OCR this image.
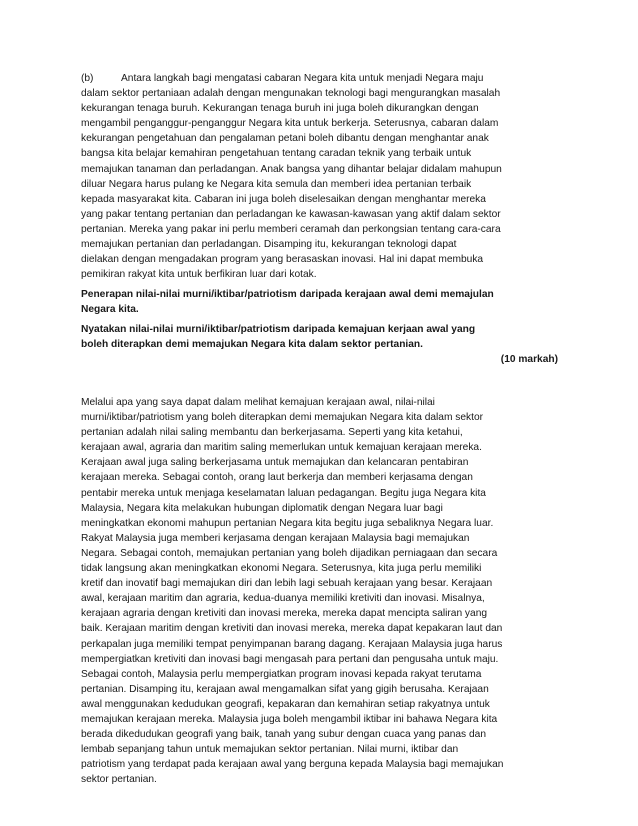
(b)	Antara langkah bagi mengatasi cabaran Negara kita untuk menjadi Negara maju
dalam sektor pertaniaan adalah dengan mengunakan teknologi bagi mengurangkan masalah
kekurangan tenaga buruh. Kekurangan tenaga buruh ini juga boleh dikurangkan dengan
mengambil penganggur-penganggur Negara kita untuk berkerja. Seterusnya, cabaran dalam
kekurangan pengetahuan dan pengalaman petani boleh dibantu dengan menghantar anak
bangsa kita belajar kemahiran pengetahuan tentang caradan teknik yang terbaik untuk
memajukan tanaman dan perladangan. Anak bangsa yang dihantar belajar didalam mahupun
diluar Negara harus pulang ke Negara kita semula dan memberi idea pertanian terbaik
kepada masyarakat kita. Cabaran ini juga boleh diselesaikan dengan menghantar mereka
yang pakar tentang pertanian dan perladangan ke kawasan-kawasan yang aktif dalam sektor
pertanian. Mereka yang pakar ini perlu memberi ceramah dan perkongsian tentang cara-cara
memajukan pertanian dan perladangan. Disamping itu, kekurangan teknologi dapat
dielakan dengan mengadakan program yang berasaskan inovasi. Hal ini dapat membuka
pemikiran rakyat kita untuk berfikiran luar dari kotak.
Penerapan nilai-nilai murni/iktibar/patriotism daripada kerajaan awal demi memajulan
Negara kita.
Nyatakan nilai-nilai murni/iktibar/patriotism daripada kemajuan kerjaan awal yang
boleh diterapkan demi memajukan Negara kita dalam sektor pertanian.
(10 markah)
Melalui apa yang saya dapat dalam melihat kemajuan kerajaan awal, nilai-nilai
murni/iktibar/patriotism yang boleh diterapkan demi memajukan Negara kita dalam sektor
pertanian adalah nilai saling membantu dan berkerjasama. Seperti yang kita ketahui,
kerajaan awal, agraria dan maritim saling memerlukan untuk kemajuan kerajaan mereka.
Kerajaan awal juga saling berkerjasama untuk memajukan dan kelancaran pentabiran
kerajaan mereka. Sebagai contoh, orang laut berkerja dan memberi kerjasama dengan
pentabir mereka untuk menjaga keselamatan laluan pedagangan. Begitu juga Negara kita
Malaysia, Negara kita melakukan hubungan diplomatik dengan Negara luar bagi
meningkatkan ekonomi mahupun pertanian Negara kita begitu juga sebaliknya Negara luar.
Rakyat Malaysia juga memberi kerjasama dengan kerajaan Malaysia bagi memajukan
Negara. Sebagai contoh, memajukan pertanian yang boleh dijadikan perniagaan dan secara
tidak langsung akan meningkatkan ekonomi Negara. Seterusnya, kita juga perlu memiliki
kretif dan inovatif bagi memajukan diri dan lebih lagi sebuah kerajaan yang besar. Kerajaan
awal, kerajaan maritim dan agraria, kedua-duanya memiliki kretiviti dan inovasi. Misalnya,
kerajaan agraria dengan kretiviti dan inovasi mereka, mereka dapat mencipta saliran yang
baik. Kerajaan maritim dengan kretiviti dan inovasi mereka, mereka dapat kepakaran laut dan
perkapalan juga memiliki tempat penyimpanan barang dagang. Kerajaan Malaysia juga harus
mempergiatkan kretiviti dan inovasi bagi mengasah para pertani dan pengusaha untuk maju.
Sebagai contoh, Malaysia perlu mempergiatkan program inovasi kepada rakyat terutama
pertanian. Disamping itu, kerajaan awal mengamalkan sifat yang gigih berusaha. Kerajaan
awal menggunakan kedudukan geografi, kepakaran dan kemahiran setiap rakyatnya untuk
memajukan kerajaan mereka. Malaysia juga boleh mengambil iktibar ini bahawa Negara kita
berada dikedudukan geografi yang baik, tanah yang subur dengan cuaca yang panas dan
lembab sepanjang tahun untuk memajukan sektor pertanian. Nilai murni, iktibar dan
patriotism yang terdapat pada kerajaan awal yang berguna kepada Malaysia bagi memajukan
sektor pertanian.
